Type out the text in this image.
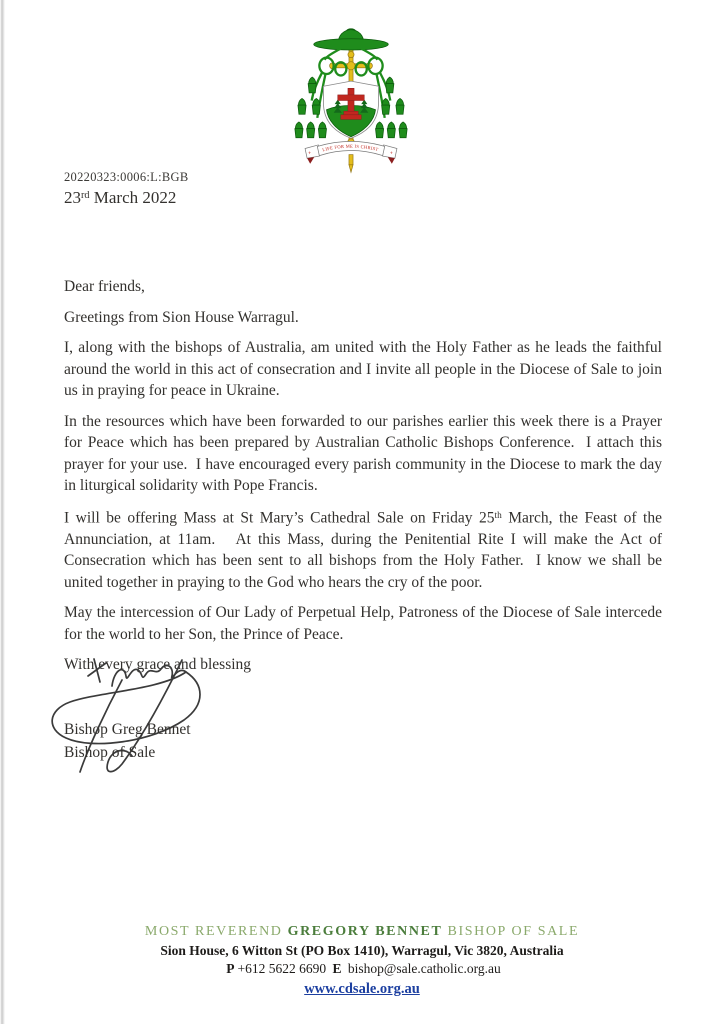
+	+
LIFE FOR ME IS CHRIST
20220323:0006:L:BGB
23rd March 2022

Dear friends,

Greetings from Sion House Warragul.

I, along with the bishops of Australia, am united with the Holy Father as he leads the faithful around the world in this act of consecration and I invite all people in the Diocese of Sale to join us in praying for peace in Ukraine.

In the resources which have been forwarded to our parishes earlier this week there is a Prayer for Peace which has been prepared by Australian Catholic Bishops Conference.  I attach this prayer for your use.  I have encouraged every parish community in the Diocese to mark the day in liturgical solidarity with Pope Francis.

I will be offering Mass at St Mary’s Cathedral Sale on Friday 25th March, the Feast of the Annunciation, at 11am.   At this Mass, during the Penitential Rite I will make the Act of Consecration which has been sent to all bishops from the Holy Father.  I know we shall be united together in praying to the God who hears the cry of the poor.

May the intercession of Our Lady of Perpetual Help, Patroness of the Diocese of Sale intercede for the world to her Son, the Prince of Peace.

With every grace and blessing

Bishop Greg Bennet
Bishop of Sale
MOST REVEREND GREGORY BENNET BISHOP OF SALE
Sion House, 6 Witton St (PO Box 1410), Warragul, Vic 3820, Australia
P +612 5622 6690 E bishop@sale.catholic.org.au
www.cdsale.org.au
